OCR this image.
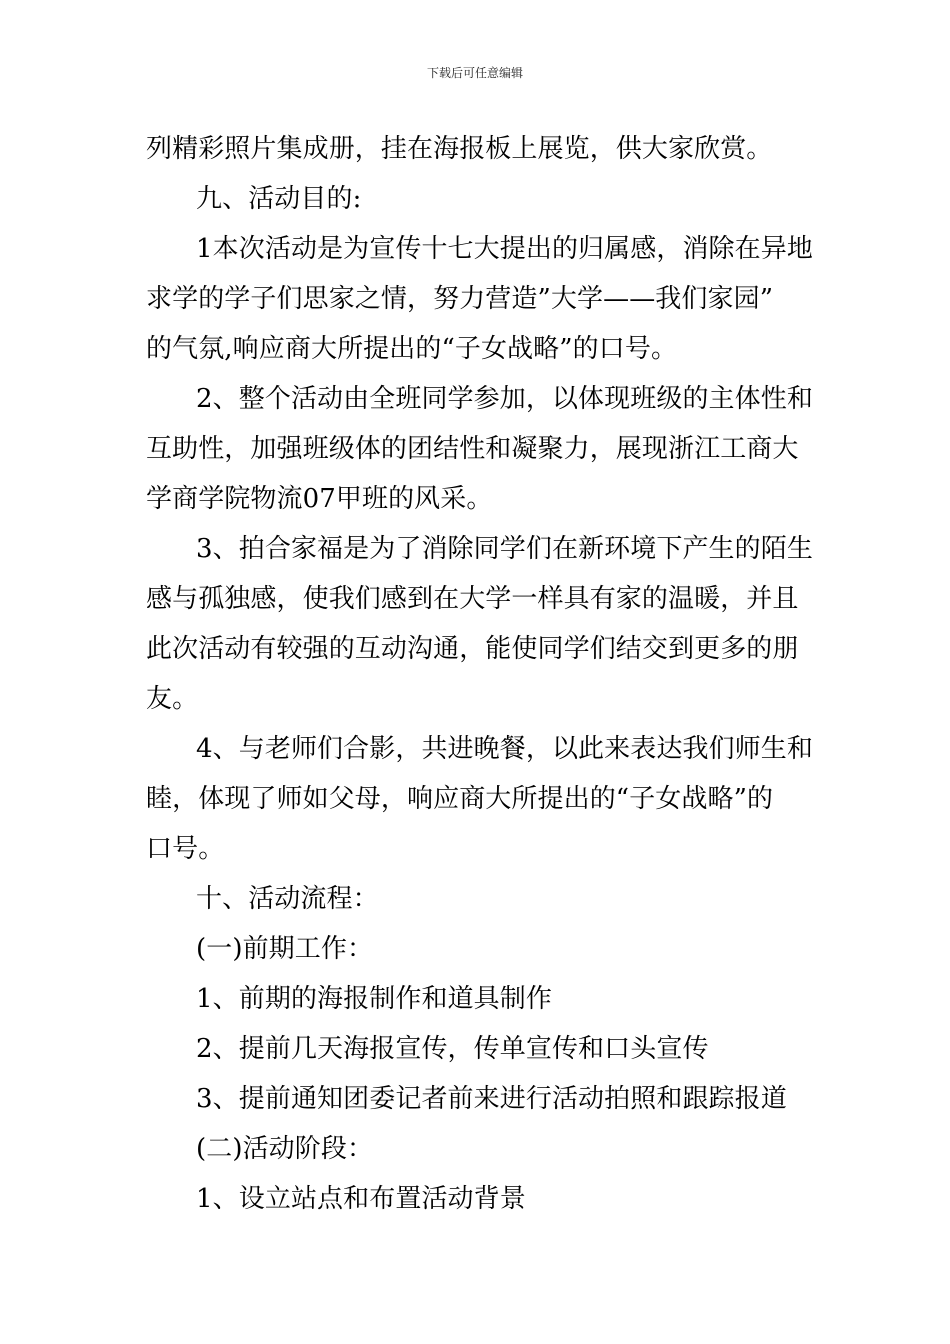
下载后可任意编辑
列精彩照片集成册，挂在海报板上展览，供大家欣赏。
九、活动目的:
1本次活动是为宣传十七大提出的归属感，消除在异地
求学的学子们思家之情，努力营造”大学——我们家园”
的气氛,响应商大所提出的“子女战略”的口号。
2、整个活动由全班同学参加，以体现班级的主体性和
互助性，加强班级体的团结性和凝聚力，展现浙江工商大
学商学院物流07甲班的风采。
3、拍合家福是为了消除同学们在新环境下产生的陌生
感与孤独感，使我们感到在大学一样具有家的温暖，并且
此次活动有较强的互动沟通，能使同学们结交到更多的朋
友。
4、与老师们合影，共进晚餐，以此来表达我们师生和
睦，体现了师如父母，响应商大所提出的“子女战略”的
口号。
十、活动流程：
(一)前期工作：
1、前期的海报制作和道具制作
2、提前几天海报宣传，传单宣传和口头宣传
3、提前通知团委记者前来进行活动拍照和跟踪报道
(二)活动阶段：
1、设立站点和布置活动背景
